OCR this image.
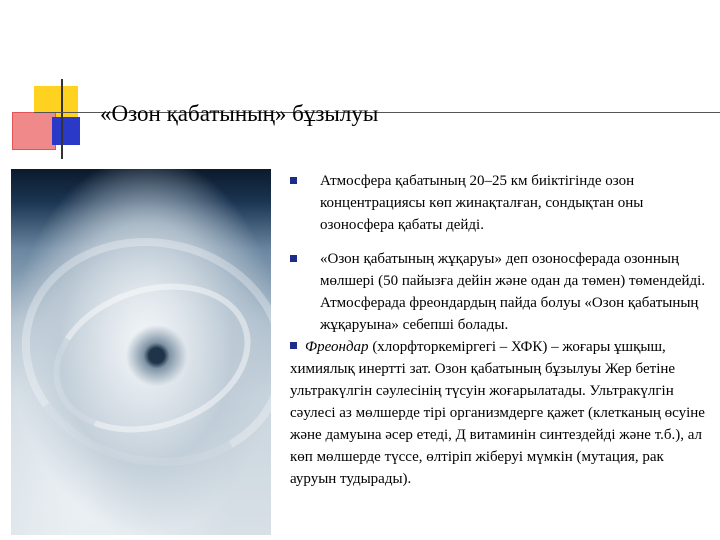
«Озон қабатының» бұзылуы
Атмосфера қабатының 20–25 км биіктігінде озон концентрациясы көп жинақталған, сондықтан оны озоносфера қабаты дейді.
«Озон қабатының жұқаруы» деп озоносферада озонның мөлшері (50 пайызға дейін және одан да төмен) төмендейді. Атмосферада фреондардың пайда болуы «Озон қабатының жұқаруына» себепші болады.

Фреондар (хлорфторкеміргегі – ХФК) – жоғары ұшқыш, химиялық инертті зат. Озон қабатының бұзылуы Жер бетіне ультракүлгін сәулесінің түсуін жоғарылатады. Ультракүлгін сәулесі аз мөлшерде тірі организмдерге қажет (клетканың өсуіне және дамуына әсер етеді, Д витаминін синтездейді және т.б.), ал көп мөлшерде түссе, өлтіріп жіберуі мүмкін (мутация, рак ауруын тудырады).
